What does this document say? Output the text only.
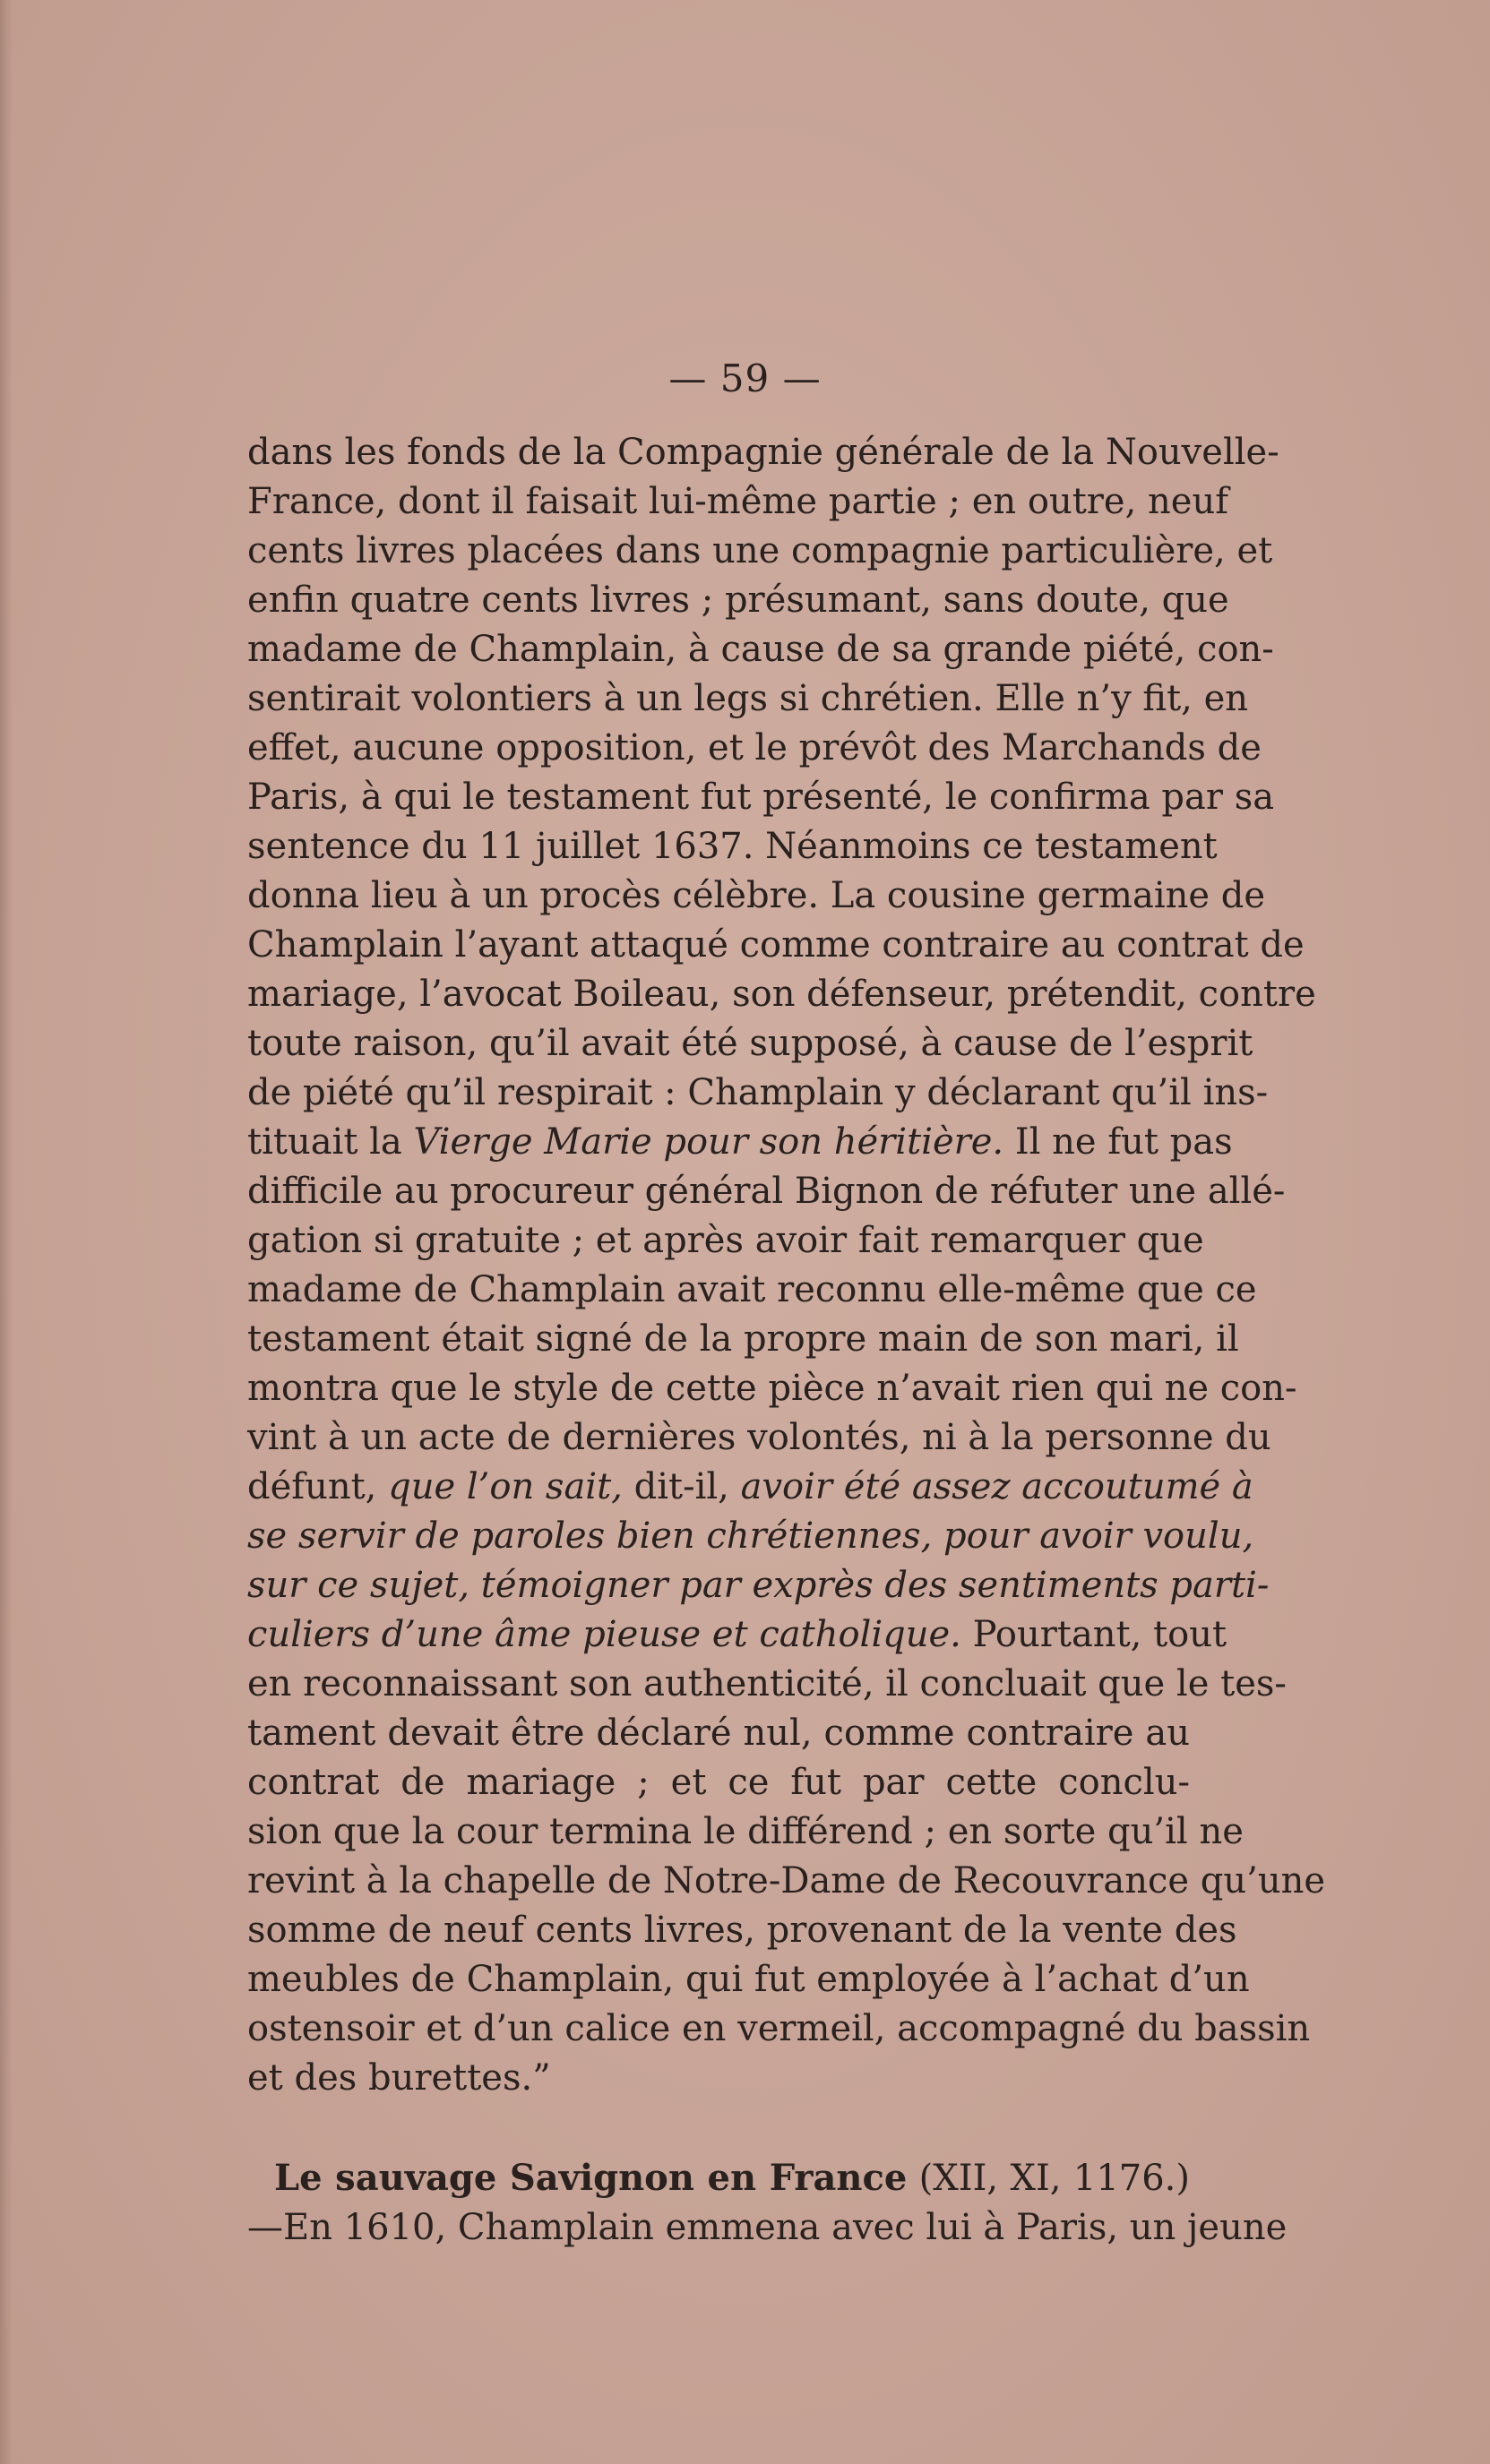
— 59 —

dans les fonds de la Compagnie générale de la Nouvelle-
France, dont il faisait lui-même partie ; en outre, neuf
cents livres placées dans une compagnie particulière, et
enfin quatre cents livres ; présumant, sans doute, que
madame de Champlain, à cause de sa grande piété, con-
sentirait volontiers à un legs si chrétien. Elle n’y fit, en
effet, aucune opposition, et le prévôt des Marchands de
Paris, à qui le testament fut présenté, le confirma par sa
sentence du 11 juillet 1637. Néanmoins ce testament
donna lieu à un procès célèbre. La cousine germaine de
Champlain l’ayant attaqué comme contraire au contrat de
mariage, l’avocat Boileau, son défenseur, prétendit, contre
toute raison, qu’il avait été supposé, à cause de l’esprit
de piété qu’il respirait : Champlain y déclarant qu’il ins-
tituait la Vierge Marie pour son héritière. Il ne fut pas
difficile au procureur général Bignon de réfuter une allé-
gation si gratuite ; et après avoir fait remarquer que
madame de Champlain avait reconnu elle-même que ce
testament était signé de la propre main de son mari, il
montra que le style de cette pièce n’avait rien qui ne con-
vint à un acte de dernières volontés, ni à la personne du
défunt, que l’on sait, dit-il, avoir été assez accoutumé à
se servir de paroles bien chrétiennes, pour avoir voulu,
sur ce sujet, témoigner par exprès des sentiments parti-
culiers d’une âme pieuse et catholique. Pourtant, tout
en reconnaissant son authenticité, il concluait que le tes-
tament devait être déclaré nul, comme contraire au
contrat de mariage ; et ce fut par cette conclu-
sion que la cour termina le différend ; en sorte qu’il ne
revint à la chapelle de Notre-Dame de Recouvrance qu’une
somme de neuf cents livres, provenant de la vente des
meubles de Champlain, qui fut employée à l’achat d’un
ostensoir et d’un calice en vermeil, accompagné du bassin
et des burettes.”

Le sauvage Savignon en France (XII, XI, 1176.)
—En 1610, Champlain emmena avec lui à Paris, un jeune
